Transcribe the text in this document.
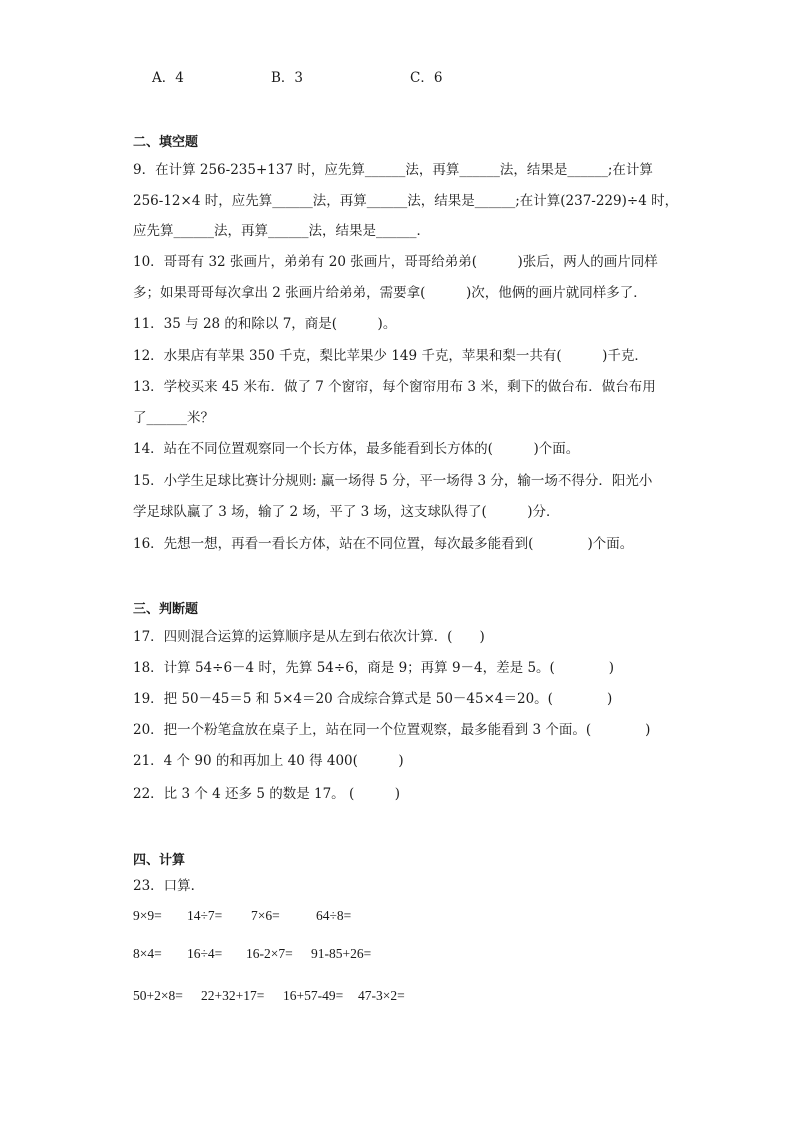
A．4	B．3	C．6
二、填空题
9．在计算 256-235+137 时，应先算______法，再算______法，结果是______;在计算
256-12×4 时，应先算______法，再算______法，结果是______;在计算(237-229)÷4 时，
应先算______法，再算______法，结果是______．
10．哥哥有 32 张画片，弟弟有 20 张画片，哥哥给弟弟(　　　)张后，两人的画片同样
多；如果哥哥每次拿出 2 张画片给弟弟，需要拿(　　　)次，他俩的画片就同样多了．
11．35 与 28 的和除以 7，商是(　　　)。
12．水果店有苹果 350 千克，梨比苹果少 149 千克，苹果和梨一共有(　　　)千克．
13．学校买来 45 米布．做了 7 个窗帘，每个窗帘用布 3 米，剩下的做台布．做台布用
了______米？
14．站在不同位置观察同一个长方体，最多能看到长方体的(　　　)个面。
15．小学生足球比赛计分规则: 赢一场得 5 分，平一场得 3 分，输一场不得分．阳光小
学足球队赢了 3 场，输了 2 场，平了 3 场，这支球队得了(　　　)分．
16．先想一想，再看一看长方体，站在不同位置，每次最多能看到(　　　　)个面。
三、判断题
17．四则混合运算的运算顺序是从左到右依次计算．(　　)
18．计算 54÷6－4 时，先算 54÷6，商是 9；再算 9－4，差是 5。(　　　　)
19．把 50－45＝5 和 5×4＝20 合成综合算式是 50－45×4＝20。(　　　　)
20．把一个粉笔盒放在桌子上，站在同一个位置观察，最多能看到 3 个面。(　　　　)
21．4 个 90 的和再加上 40 得 400(　　　)
22．比 3 个 4 还多 5 的数是 17。 (　　　)
四、计算
23．口算．
9×9= 14÷7= 7×6=	64÷8=
8×4= 16÷4= 16-2×7= 91-85+26=
50+2×8= 22+32+17= 16+57-49= 47-3×2=
